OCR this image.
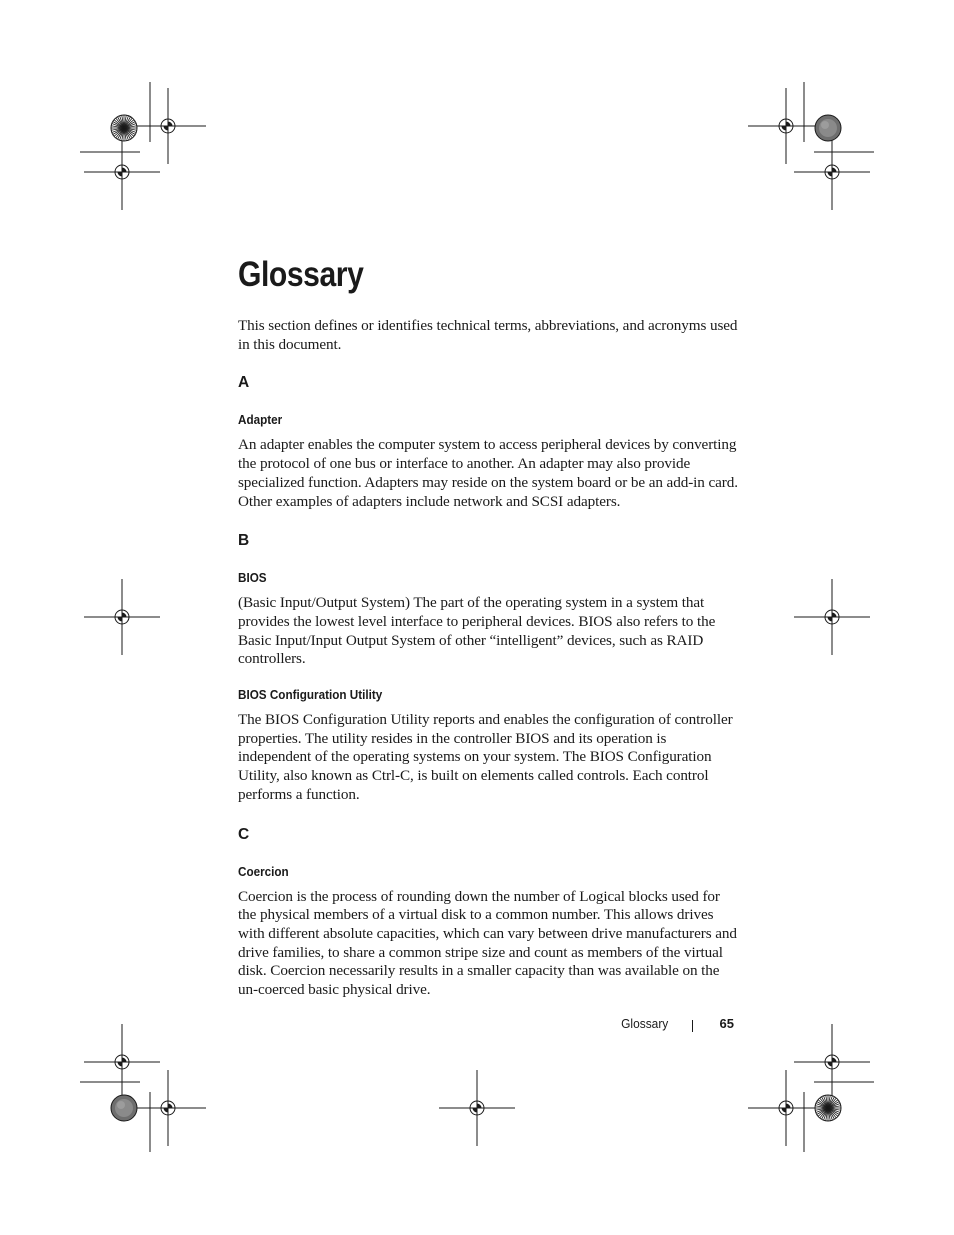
Glossary

This section defines or identifies technical terms, abbreviations, and acronyms used in this document.

A
Adapter

An adapter enables the computer system to access peripheral devices by converting the protocol of one bus or interface to another. An adapter may also provide specialized function. Adapters may reside on the system board or be an add-in card. Other examples of adapters include network and SCSI adapters.

B
BIOS

(Basic Input/Output System) The part of the operating system in a system that provides the lowest level interface to peripheral devices. BIOS also refers to the Basic Input/Input Output System of other “intelligent” devices, such as RAID controllers.

BIOS Configuration Utility

The BIOS Configuration Utility reports and enables the configuration of controller properties. The utility resides in the controller BIOS and its operation is independent of the operating systems on your system. The BIOS Configuration Utility, also known as Ctrl-C, is built on elements called controls. Each control performs a function.

C
Coercion

Coercion is the process of rounding down the number of Logical blocks used for the physical members of a virtual disk to a common number. This allows drives with different absolute capacities, which can vary between drive manufacturers and drive families, to share a common stripe size and count as members of the virtual disk. Coercion necessarily results in a smaller capacity than was available on the un-coerced basic physical drive.

Glossary	65
